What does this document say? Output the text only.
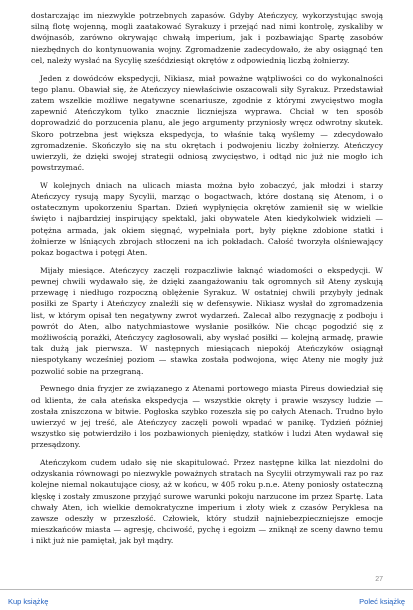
dostarczając im niezwykle potrzebnych zapasów. Gdyby Ateńczycy, wykorzystując swoją silną flotę wojenną, mogli zaatakować Syrakuzy i przejąć nad nimi kontrolę, zyskaliby w dwójnasób, zarówno okrywając chwałą imperium, jak i pozbawiając Spartę zasobów niezbędnych do kontynuowania wojny. Zgromadzenie zadecydowało, że aby osiągnąć ten cel, należy wysłać na Sycylię sześćdziesiąt okrętów z odpowiednią liczbą żołnierzy.

Jeden z dowódców ekspedycji, Nikiasz, miał poważne wątpliwości co do wykonalności tego planu. Obawiał się, że Ateńczycy niewłaściwie oszacowali siły Syrakuz. Przedstawiał zatem wszelkie możliwe negatywne scenariusze, zgodnie z którymi zwycięstwo mogła zapewnić Ateńczykom tylko znacznie liczniejsza wyprawa. Chciał w ten sposób doprowadzić do porzucenia planu, ale jego argumenty przyniosły wręcz odwrotny skutek. Skoro potrzebna jest większa ekspedycja, to właśnie taką wyślemy — zdecydowało zgromadzenie. Skończyło się na stu okrętach i podwojeniu liczby żołnierzy. Ateńczycy uwierzyli, że dzięki swojej strategii odniosą zwycięstwo, i odtąd nic już nie mogło ich powstrzymać.

W kolejnych dniach na ulicach miasta można było zobaczyć, jak młodzi i starzy Ateńczycy rysują mapy Sycylii, marząc o bogactwach, które dostaną się Atenom, i o ostatecznym upokorzeniu Spartan. Dzień wypłynięcia okrętów zamienił się w wielkie święto i najbardziej inspirujący spektakl, jaki obywatele Aten kiedykolwiek widzieli — potężna armada, jak okiem sięgnąć, wypełniała port, były piękne zdobione statki i żołnierze w lśniących zbrojach stłoczeni na ich pokładach. Całość tworzyła olśniewający pokaz bogactwa i potęgi Aten.

Mijały miesiące. Ateńczycy zaczęli rozpaczliwie łaknąć wiadomości o ekspedycji. W pewnej chwili wydawało się, że dzięki zaangażowaniu tak ogromnych sił Ateny zyskują przewagę i niedługo rozpoczną oblężenie Syrakuz. W ostatniej chwili przybyły jednak posiłki ze Sparty i Ateńczycy znaleźli się w defensywie. Nikiasz wysłał do zgromadzenia list, w którym opisał ten negatywny zwrot wydarzeń. Zalecał albo rezygnację z podboju i powrót do Aten, albo natychmiastowe wysłanie posiłków. Nie chcąc pogodzić się z możliwością porażki, Ateńczycy zagłosowali, aby wysłać posiłki — kolejną armadę, prawie tak dużą jak pierwsza. W następnych miesiącach niepokój Ateńczyków osiągnął niespotykany wcześniej poziom — stawka została podwojona, więc Ateny nie mogły już pozwolić sobie na przegraną.

Pewnego dnia fryzjer ze związanego z Atenami portowego miasta Pireus dowiedział się od klienta, że cała ateńska ekspedycja — wszystkie okręty i prawie wszyscy ludzie — została zniszczona w bitwie. Pogłoska szybko rozeszła się po całych Atenach. Trudno było uwierzyć w jej treść, ale Ateńczycy zaczęli powoli wpadać w panikę. Tydzień później wszystko się potwierdziło i los pozbawionych pieniędzy, statków i ludzi Aten wydawał się przesądzony.

Ateńczykom cudem udało się nie skapitulować. Przez następne kilka lat niezdolni do odzyskania równowagi po niezwykle poważnych stratach na Sycylii otrzymywali raz po raz kolejne niemal nokautujące ciosy, aż w końcu, w 405 roku p.n.e. Ateny poniosły ostateczną klęskę i zostały zmuszone przyjąć surowe warunki pokoju narzucone im przez Spartę. Lata chwały Aten, ich wielkie demokratyczne imperium i złoty wiek z czasów Peryklesa na zawsze odeszły w przeszłość. Człowiek, który studził najniebezpieczniejsze emocje mieszkańców miasta — agresję, chciwość, pychę i egoizm — zniknął ze sceny dawno temu i nikt już nie pamiętał, jak był mądry.

27
Kup książkę	Poleć książkę
